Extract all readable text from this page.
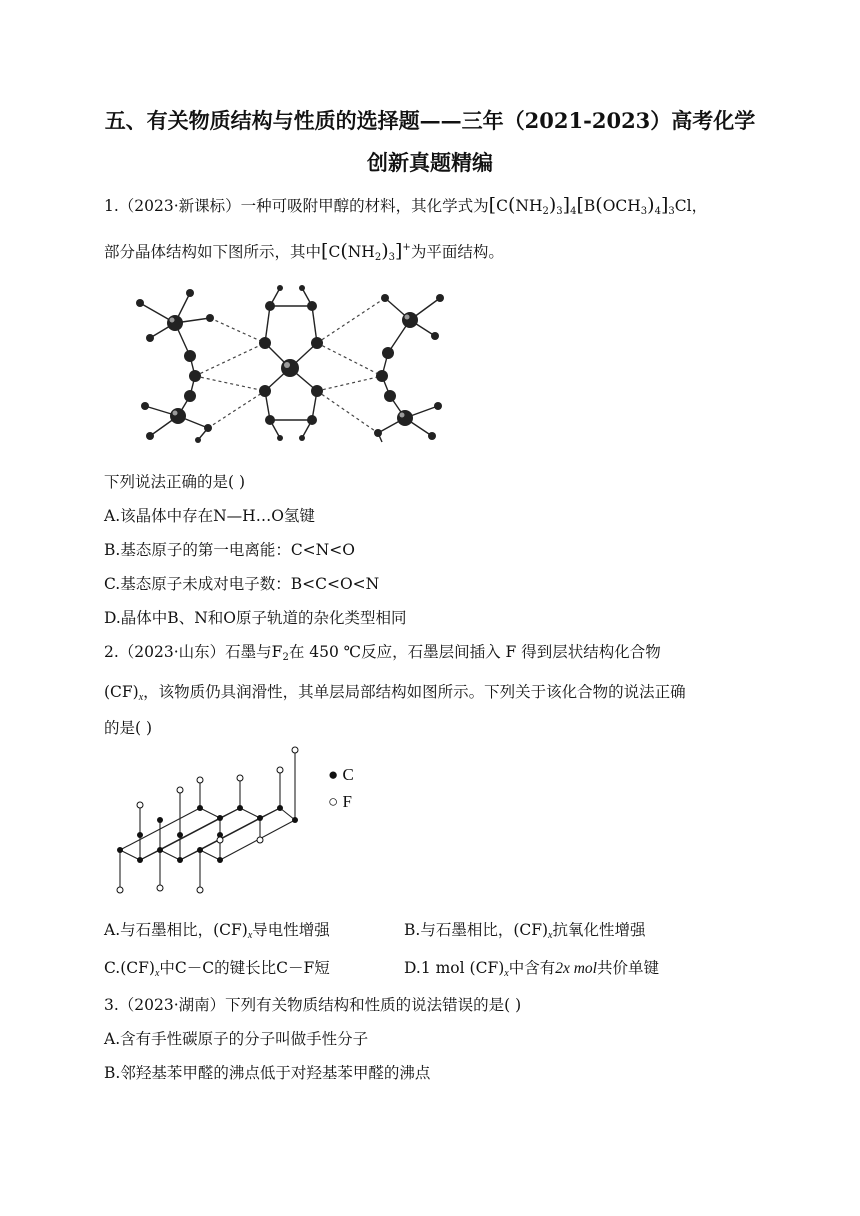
五、有关物质结构与性质的选择题——三年（2021-2023）高考化学
创新真题精编
1.（2023·新课标）一种可吸附甲醇的材料，其化学式为$[C(NH_2)_3]_4[B(OCH_3)_4]_3Cl$，
部分晶体结构如下图所示，其中$[C(NH_2)_3]^+$为平面结构。
下列说法正确的是( )
A.该晶体中存在N—H…O氢键
B.基态原子的第一电离能：C<N<O
C.基态原子未成对电子数：B<C<O<N
D.晶体中B、N和O原子轨道的杂化类型相同
2.（2023·山东）石墨与$F_2$在 450 ℃反应，石墨层间插入 F 得到层状结构化合物
$(CF)_x$，该物质仍具润滑性，其单层局部结构如图所示。下列关于该化合物的说法正确
的是( )
● C
○ F
A.与石墨相比，$(CF)_x$导电性增强	B.与石墨相比，$(CF)_x$抗氧化性增强
$C.(CF)_x$中C－C的键长比C－F短	D.1 mol $(CF)_x$中含有2x mol共价单键
3.（2023·湖南）下列有关物质结构和性质的说法错误的是( )
A.含有手性碳原子的分子叫做手性分子
B.邻羟基苯甲醛的沸点低于对羟基苯甲醛的沸点
